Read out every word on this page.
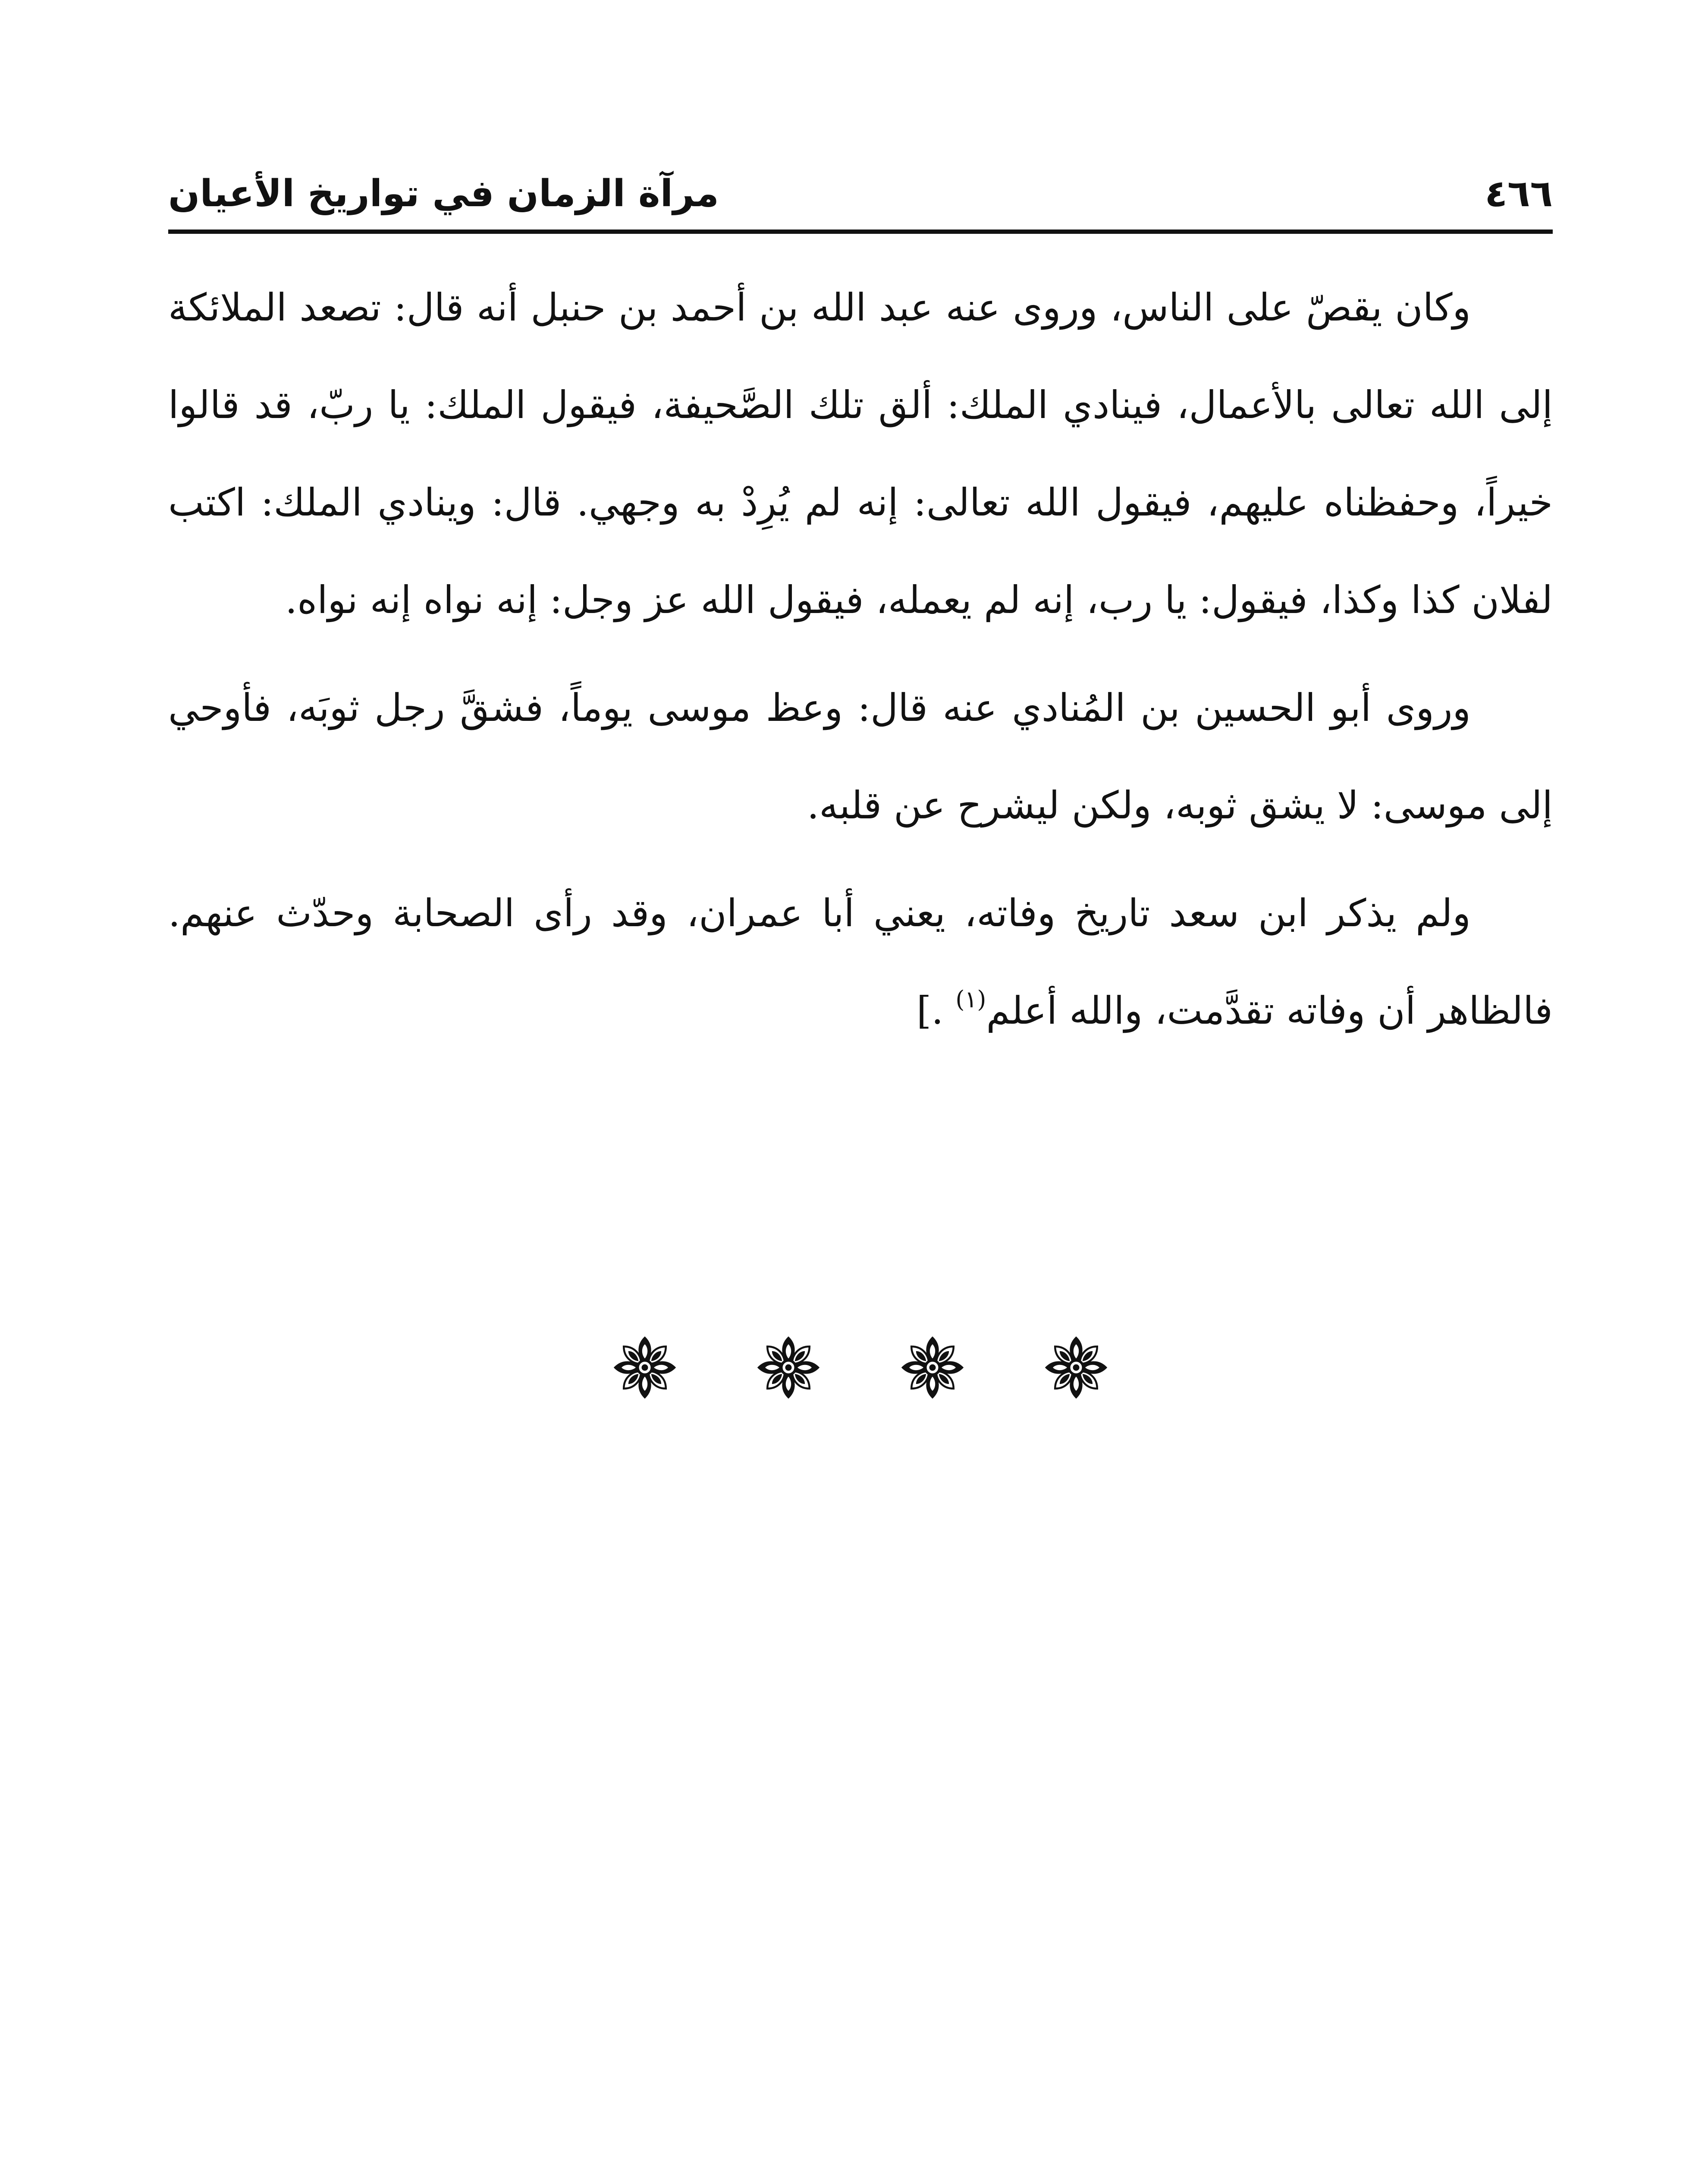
مرآة الزمان في تواريخ الأعيان	٤٦٦

وكان يقصّ على الناس، وروى عنه عبد الله بن أحمد بن حنبل أنه قال: تصعد الملائكة إلى الله تعالى بالأعمال، فينادي الملك: ألق تلك الصَّحيفة، فيقول الملك: يا ربّ، قد قالوا خيراً، وحفظناه عليهم، فيقول الله تعالى: إنه لم يُرِدْ به وجهي. قال: وينادي الملك: اكتب لفلان كذا وكذا، فيقول: يا رب، إنه لم يعمله، فيقول الله عز وجل: إنه نواه إنه نواه.

وروى أبو الحسين بن المُنادي عنه قال: وعظ موسى يوماً، فشقَّ رجل ثوبَه، فأوحي إلى موسى: لا يشق ثوبه، ولكن ليشرح عن قلبه.

ولم يذكر ابن سعد تاريخ وفاته، يعني أبا عمران، وقد رأى الصحابة وحدّث عنهم. فالظاهر أن وفاته تقدَّمت، والله أعلم$^{(١)}$ .]
